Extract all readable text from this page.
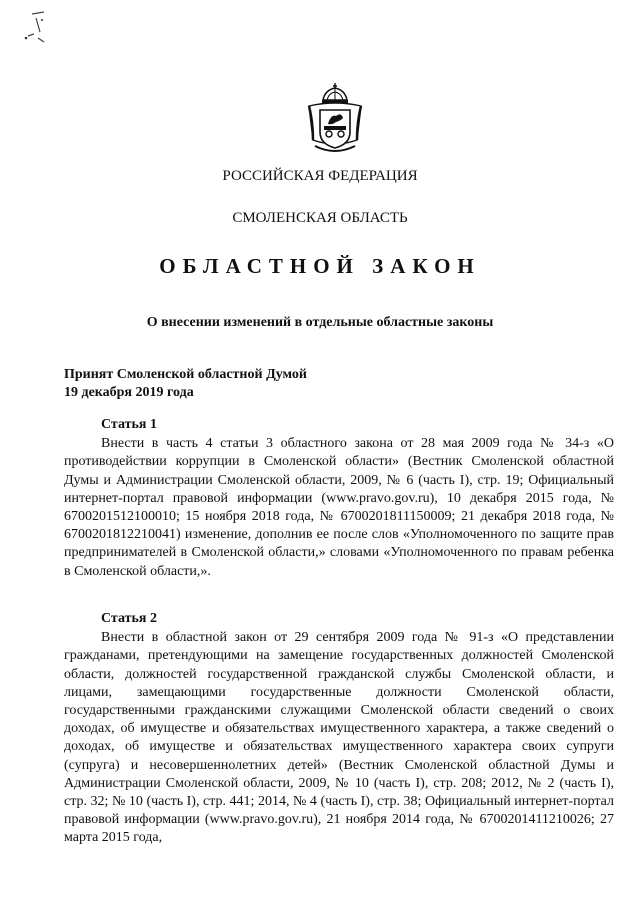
РОССИЙСКАЯ ФЕДЕРАЦИЯ
СМОЛЕНСКАЯ ОБЛАСТЬ
ОБЛАСТНОЙ ЗАКОН
О внесении изменений в отдельные областные законы
Принят Смоленской областной Думой
19 декабря 2019 года
Статья 1
Внести в часть 4 статьи 3 областного закона от 28 мая 2009 года № 34-з «О противодействии коррупции в Смоленской области» (Вестник Смоленской областной Думы и Администрации Смоленской области, 2009, № 6 (часть I), стр. 19; Официальный интернет-портал правовой информации (www.pravo.gov.ru), 10 декабря 2015 года, № 6700201512100010; 15 ноября 2018 года, № 6700201811150009; 21 декабря 2018 года, № 6700201812210041) изменение, дополнив ее после слов «Уполномоченного по защите прав предпринимателей в Смоленской области,» словами «Уполномоченного по правам ребенка в Смоленской области,».
Статья 2
Внести в областной закон от 29 сентября 2009 года № 91-з «О представлении гражданами, претендующими на замещение государственных должностей Смоленской области, должностей государственной гражданской службы Смоленской области, и лицами, замещающими государственные должности Смоленской области, государственными гражданскими служащими Смоленской области сведений о своих доходах, об имуществе и обязательствах имущественного характера, а также сведений о доходах, об имуществе и обязательствах имущественного характера своих супруги (супруга) и несовершеннолетних детей» (Вестник Смоленской областной Думы и Администрации Смоленской области, 2009, № 10 (часть I), стр. 208; 2012, № 2 (часть I), стр. 32; № 10 (часть I), стр. 441; 2014, № 4 (часть I), стр. 38; Официальный интернет-портал правовой информации (www.pravo.gov.ru), 21 ноября 2014 года, № 6700201411210026; 27 марта 2015 года,
